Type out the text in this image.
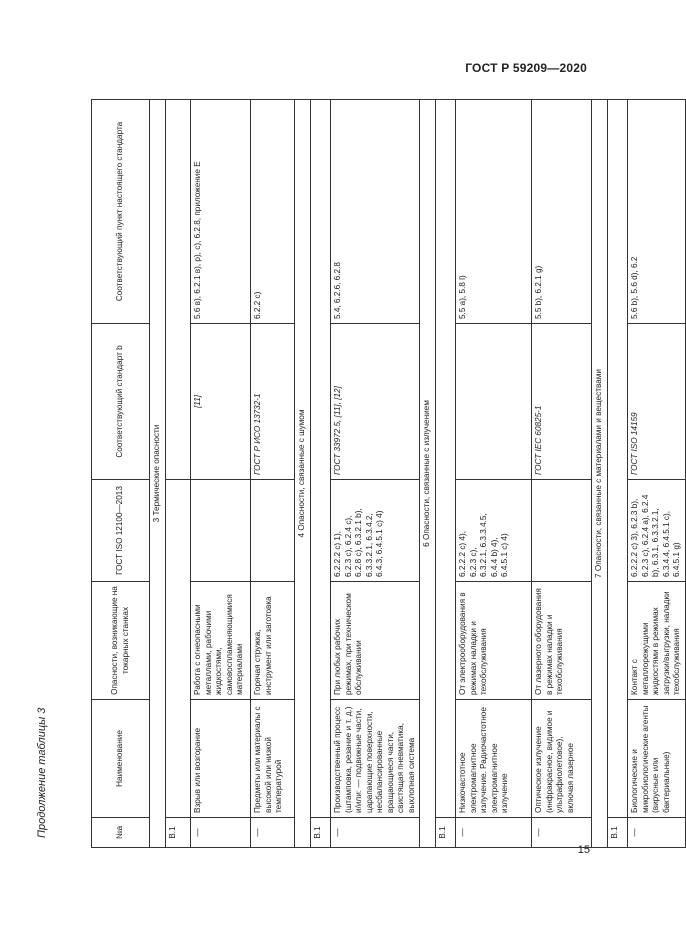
ГОСТ Р 59209—2020
Продолжение таблицы 3
15
№a	Наименование	Опасности, возникающие на токарных станках	ГОСТ ISO 12100—2013	Соответствующий стандарт b	Соответствующий пункт настоящего стандарта
3 Термические опасности					
В.1					
—	Взрыв или возгорание	Работа с огнеопасными металлами, рабочими жидкостями, самовоспламеняющимися материалами		[11]	5.6 в), 6.2.1 в), р), с), 6.2.8, приложение Е
—	Предметы или материалы с высокой или низкой температурой	Горячая стружка, инструмент или заготовка		ГОСТ Р ИСО 13732-1	6.2.2 с)
4 Опасности, связанные с шумом					
В.1					
—	Производственный процесс (штамповка, резание и т. д.) и/или: — подвижные части, царапающие поверхности, несбалансированные вращающиеся части, свистящая пневматика, выхлопная система	При любых рабочих режимах, при техническом обслуживании	6.2.2.2 с) 1),
6.2.3 с), 6.2.4 с),
6.2.8 с), 6.3.2.1 b),
6.3.3.2.1, 6.3.4.2,
6.4.3, 6.4.5.1 с) 4)	ГОСТ 33972.5, [11], [12]	5.4, 6.2.6, 6.2.8
6 Опасности, связанные с излучением					
В.1					
—	Низкочастотное электромагнитное излучение. Радиочастотное электромагнитное излучение	От электрооборудования в режимах наладки и техобслуживания	6.2.2.2 с) 4),
6.2.3 с),
6.3.2.1, 6.3.3.4.5,
6.4.4 b) 4),
6.4.5.1 с) 4)		5.5 а), 5.8 l)
—	Оптическое излучение (инфракрасное, видимое и ультрафиолетовое), включая лазерное	От лазерного оборудования в режимах наладки и техобслуживания		ГОСТ IEC 60825-1	5.5 b), 6.2.1 g)
7 Опасности, связанные с материалами и веществами					
В.1					
—	Биологические и микробиологические агенты (вирусные или бактериальные)	Контакт с металлорежущими жидкостями в режимах загрузки/выгрузки, наладки техобслуживания	6.2.2.2 с) 3), 6.2.3 b), 6.2.3 с), 6.2.4 а), 6.2.4 b), 6.3.1, 6.3.3.2.1, 6.3.4.4, 6.4.5.1 с), 6.4.5.1 g)	ГОСТ ISO 14159	5.6 b), 5.6 d), 6.2
